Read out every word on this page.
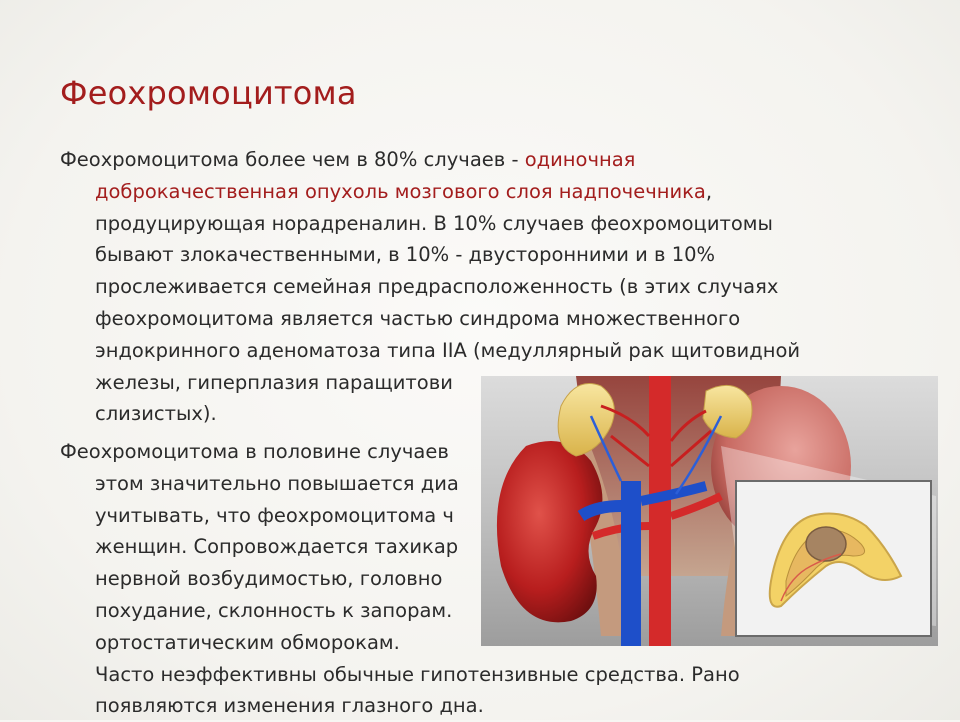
Феохромоцитома
Феохромоцитома более чем в 80% случаев - одиночная
доброкачественная опухоль мозгового слоя надпочечника,
продуцирующая норадреналин. В 10% случаев феохромоцитомы
бывают злокачественными, в 10% - двусторонними и в 10%
прослеживается семейная предрасположенность (в этих случаях
феохромоцитома является частью синдрома множественного
эндокринного аденоматоза типа IIA (медуллярный рак щитовидной
железы, гиперплазия паращитови
слизистых).
Феохромоцитома в половине случаев
этом значительно повышается диа
учитывать, что феохромоцитома ч
женщин. Сопровождается тахикар
нервной возбудимостью, головно
похудание, склонность к запорам.
ортостатическим обморокам.
Часто неэффективны обычные гипотензивные средства. Рано
появляются изменения глазного дна.
